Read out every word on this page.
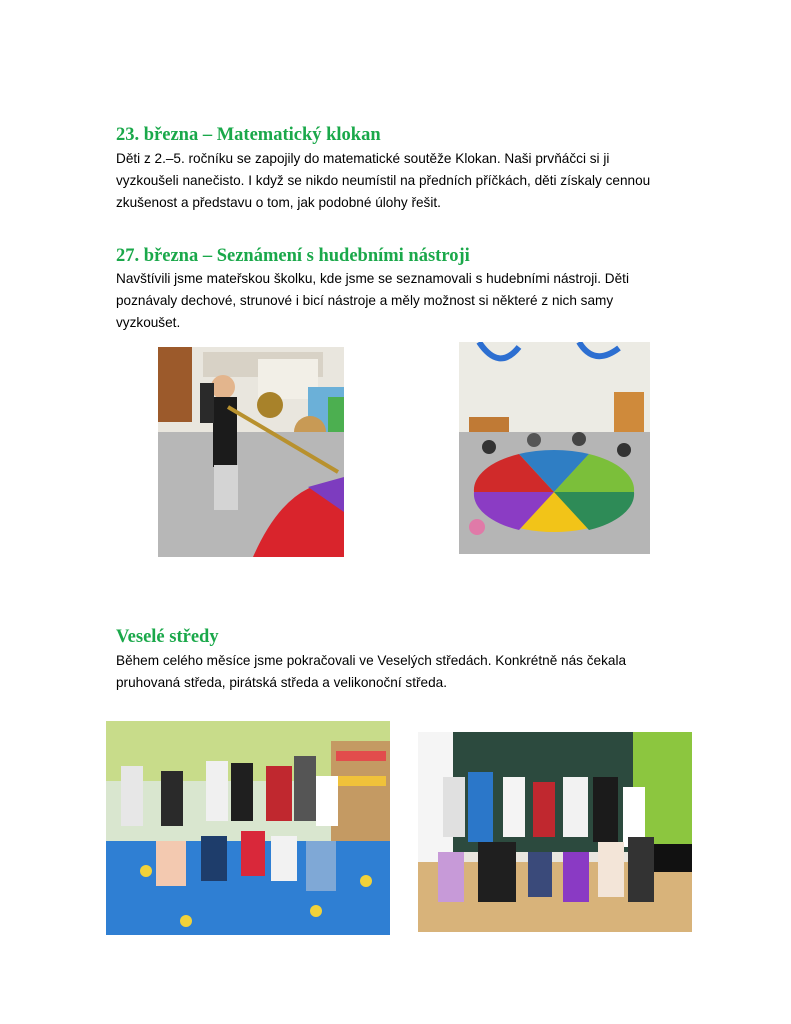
23. března – Matematický klokan

Děti z 2.–5. ročníku se zapojily do matematické soutěže Klokan. Naši prvňáčci si ji
vyzkoušeli nanečisto. I když se nikdo neumístil na předních příčkách, děti získaly cennou
zkušenost a představu o tom, jak podobné úlohy řešit.

27. března – Seznámení s hudebními nástroji

Navštívili jsme mateřskou školku, kde jsme se seznamovali s hudebními nástroji. Děti
poznávaly dechové, strunové i bicí nástroje a měly možnost si některé z nich samy
vyzkoušet.

Veselé středy

Během celého měsíce jsme pokračovali ve Veselých středách. Konkrétně nás čekala
pruhovaná středa, pirátská středa a velikonoční středa.
